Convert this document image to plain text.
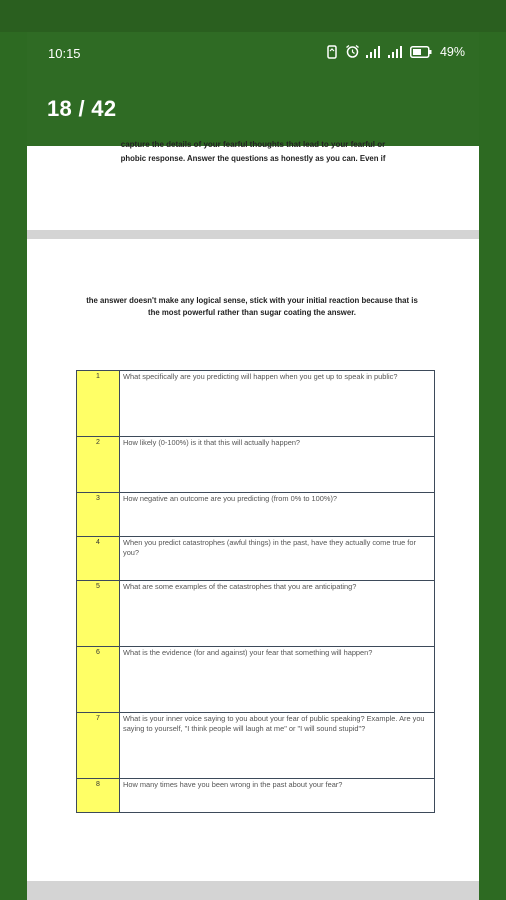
10:15	49%
18 / 42
capture the details of your fearful thoughts that lead to your fearful or
phobic response. Answer the questions as honestly as you can. Even if
the answer doesn't make any logical sense, stick with your initial reaction because that is the most powerful rather than sugar coating the answer.
1	What specifically are you predicting will happen when you get up to speak in public?
2	How likely (0-100%) is it that this will actually happen?
3	How negative an outcome are you predicting (from 0% to 100%)?
4	When you predict catastrophes (awful things) in the past, have they actually come true for you?
5	What are some examples of the catastrophes that you are anticipating?
6	What is the evidence (for and against) your fear that something will happen?
7	What is your inner voice saying to you about your fear of public speaking? Example. Are you saying to yourself, "I think people will laugh at me" or "I will sound stupid"?
8	How many times have you been wrong in the past about your fear?
